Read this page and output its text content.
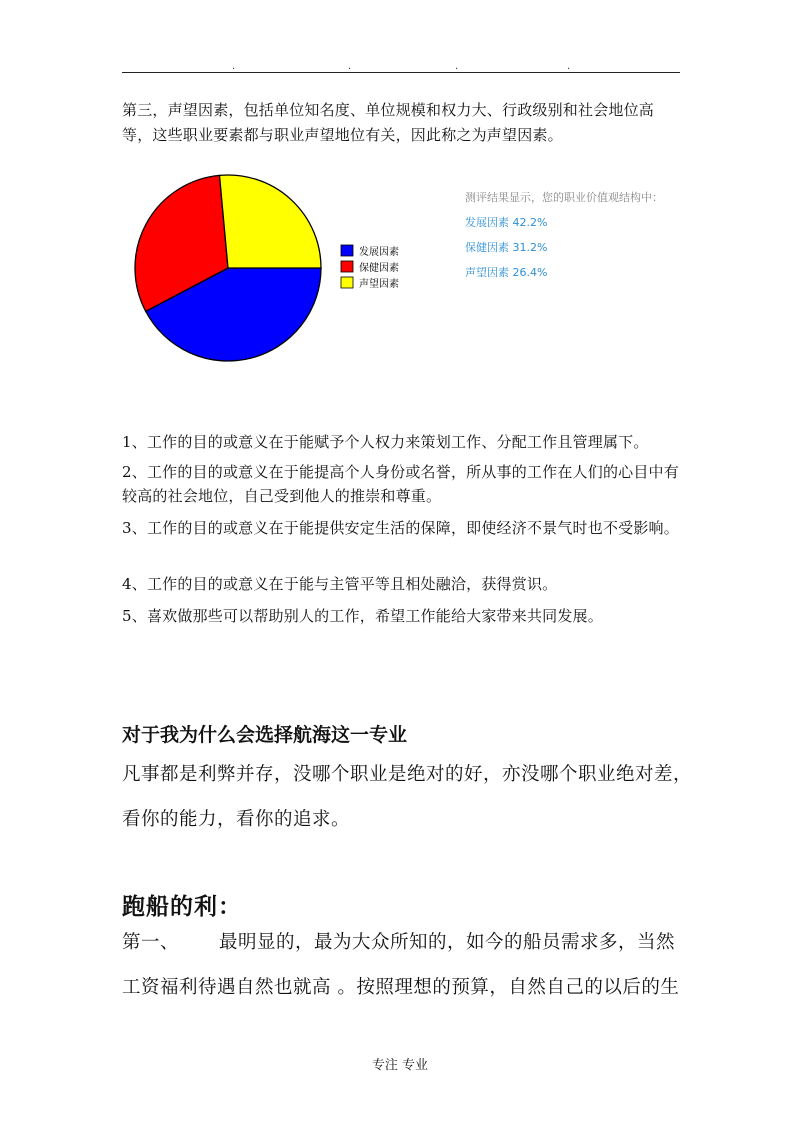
.	.	.	.

第三，声望因素，包括单位知名度、单位规模和权力大、行政级别和社会地位高等，这些职业要素都与职业声望地位有关，因此称之为声望因素。

发展因素
保健因素
声望因素
测评结果显示，您的职业价值观结构中：
发展因素 42.2%
保健因素 31.2%
声望因素 26.4%

1、工作的目的或意义在于能赋予个人权力来策划工作、分配工作且管理属下。

2、工作的目的或意义在于能提高个人身份或名誉，所从事的工作在人们的心目中有较高的社会地位，自己受到他人的推崇和尊重。

3、工作的目的或意义在于能提供安定生活的保障，即使经济不景气时也不受影响。

4、工作的目的或意义在于能与主管平等且相处融洽，获得赏识。

5、喜欢做那些可以帮助别人的工作，希望工作能给大家带来共同发展。

对于我为什么会选择航海这一专业

凡事都是利弊并存，没哪个职业是绝对的好，亦没哪个职业绝对差，看你的能力，看你的追求。

跑船的利：

第一、 最明显的，最为大众所知的，如今的船员需求多，当然工资福利待遇自然也就高 。按照理想的预算，自然自己的以后的生

专注 专业
